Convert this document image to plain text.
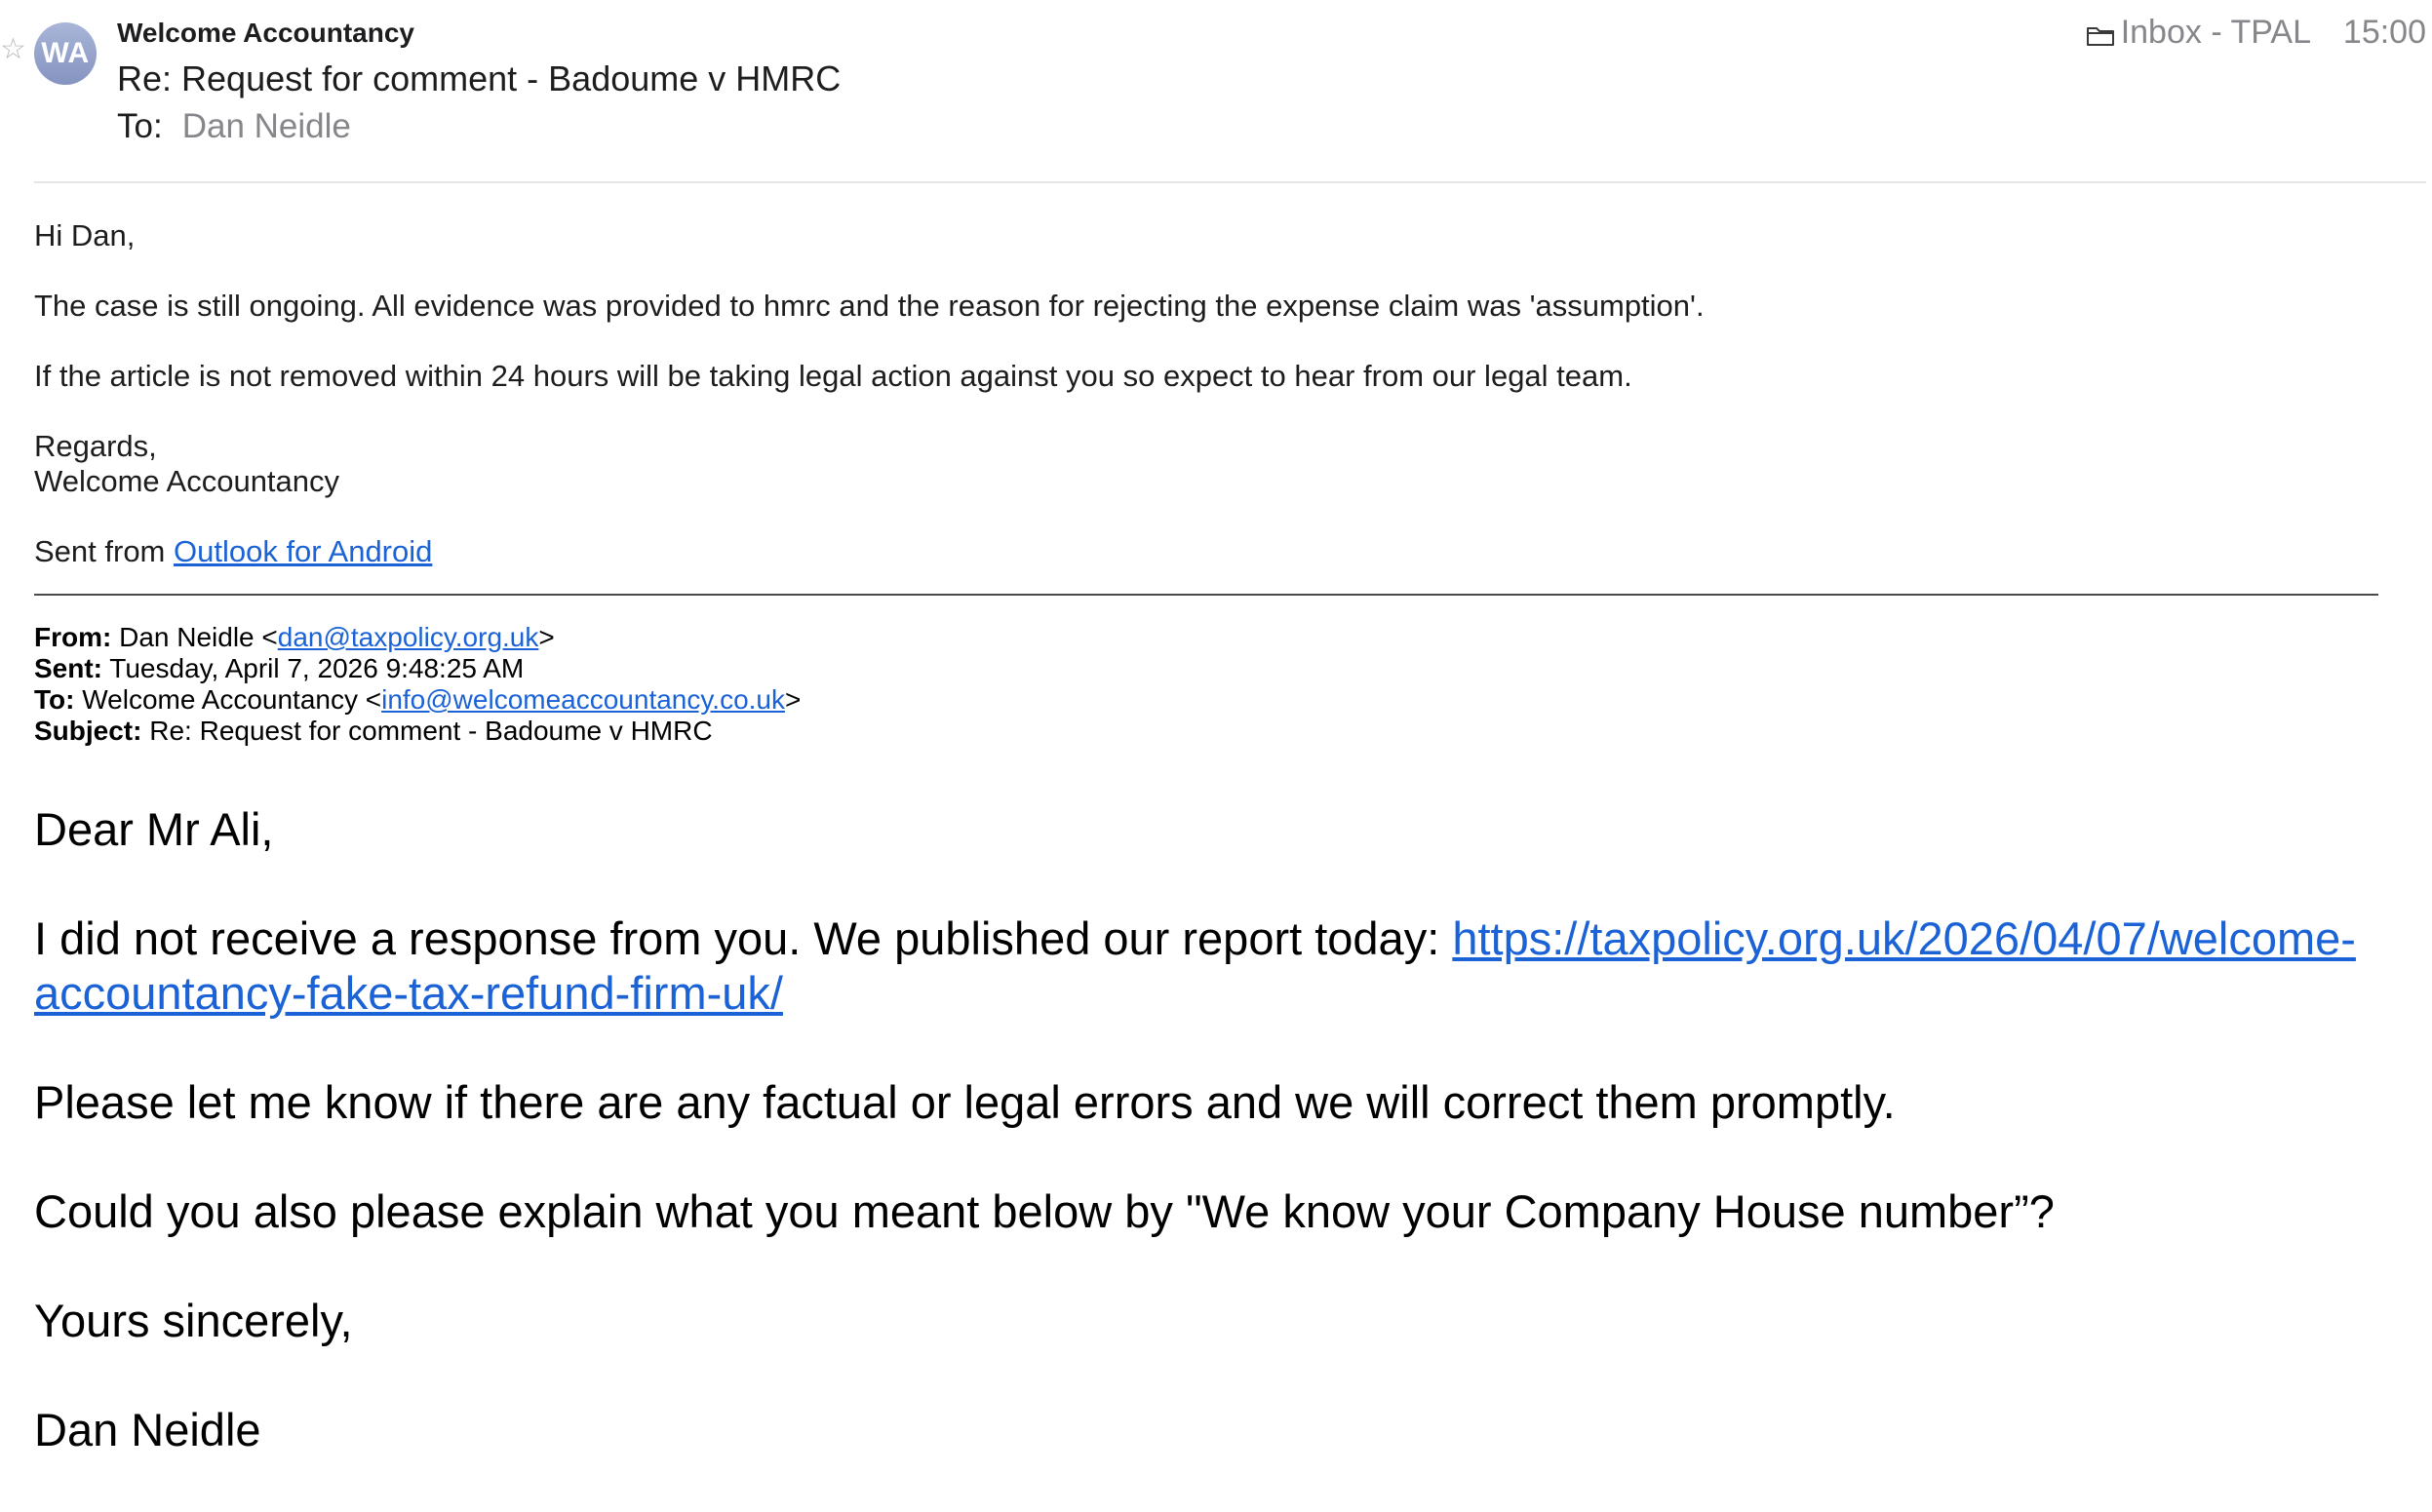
☆ WA
Welcome Accountancy
Re: Request for comment - Badoume v HMRC
To: Dan Neidle
Inbox - TPAL 15:00

Hi Dan,

The case is still ongoing. All evidence was provided to hmrc and the reason for rejecting the expense claim was 'assumption'.

If the article is not removed within 24 hours will be taking legal action against you so expect to hear from our legal team.

Regards,
Welcome Accountancy

Sent from Outlook for Android

From: Dan Neidle <dan@taxpolicy.org.uk>
Sent: Tuesday, April 7, 2026 9:48:25 AM
To: Welcome Accountancy <info@welcomeaccountancy.co.uk>
Subject: Re: Request for comment - Badoume v HMRC

Dear Mr Ali,

I did not receive a response from you. We published our report today: https://taxpolicy.org.uk/2026/04/07/welcome-accountancy-fake-tax-refund-firm-uk/

Please let me know if there are any factual or legal errors and we will correct them promptly.

Could you also please explain what you meant below by "We know your Company House number”?

Yours sincerely,

Dan Neidle
